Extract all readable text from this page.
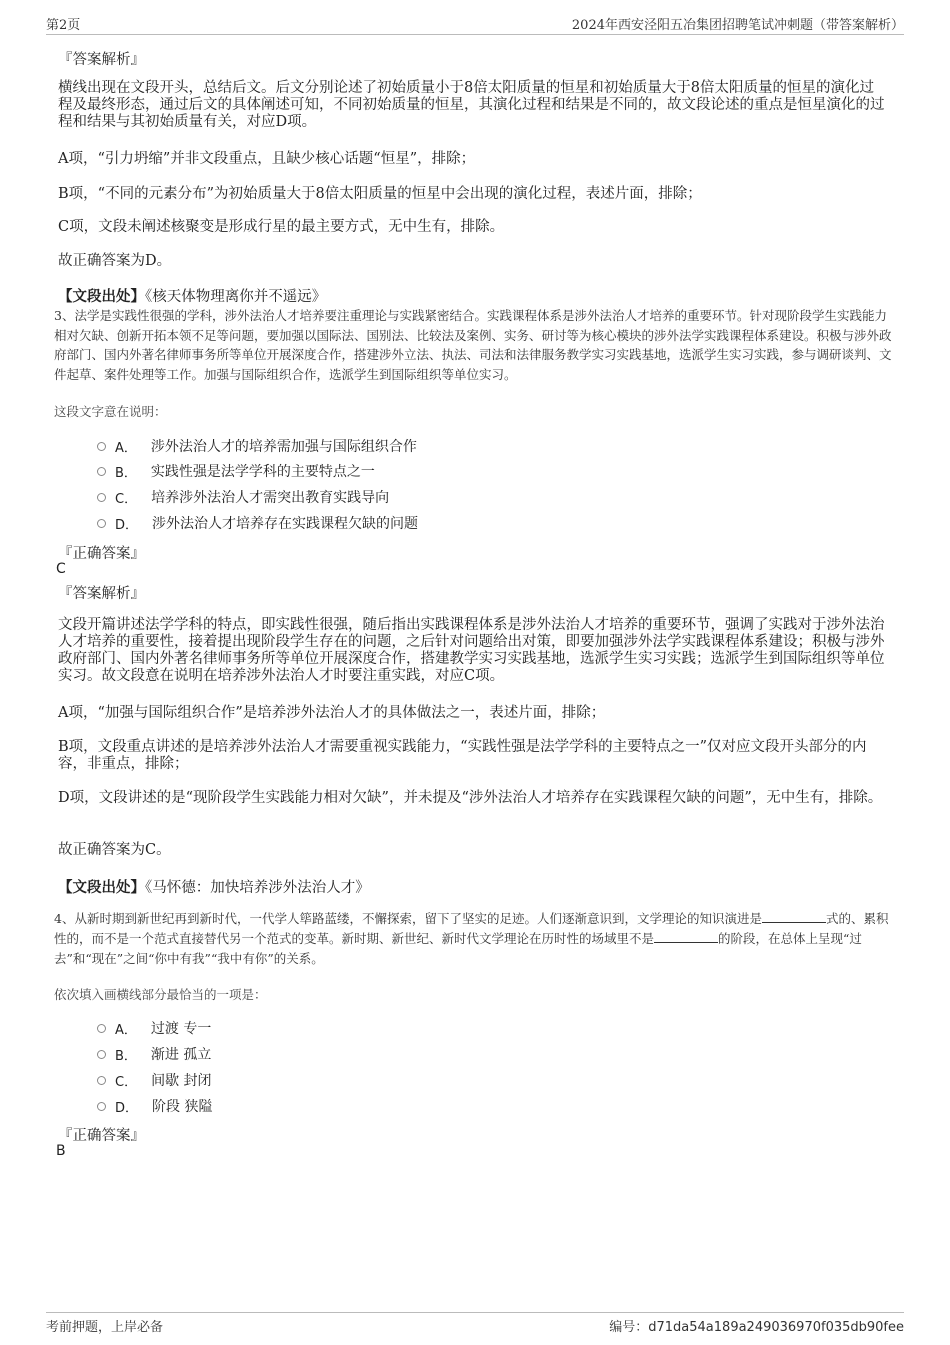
第2页	2024年西安泾阳五冶集团招聘笔试冲刺题（带答案解析）
『答案解析』

横线出现在文段开头，总结后文。后文分别论述了初始质量小于8倍太阳质量的恒星和初始质量大于8倍太阳质量的恒星的演化过程及最终形态，通过后文的具体阐述可知，不同初始质量的恒星，其演化过程和结果是不同的，故文段论述的重点是恒星演化的过程和结果与其初始质量有关，对应D项。

A项，“引力坍缩”并非文段重点，且缺少核心话题“恒星”，排除；

B项，“不同的元素分布”为初始质量大于8倍太阳质量的恒星中会出现的演化过程，表述片面，排除；

C项，文段未阐述核聚变是形成行星的最主要方式，无中生有，排除。

故正确答案为D。

【文段出处】《核天体物理离你并不遥远》

3、法学是实践性很强的学科，涉外法治人才培养要注重理论与实践紧密结合。实践课程体系是涉外法治人才培养的重要环节。针对现阶段学生实践能力相对欠缺、创新开拓本领不足等问题，要加强以国际法、国别法、比较法及案例、实务、研讨等为核心模块的涉外法学实践课程体系建设。积极与涉外政府部门、国内外著名律师事务所等单位开展深度合作，搭建涉外立法、执法、司法和法律服务教学实习实践基地，选派学生实习实践，参与调研谈判、文件起草、案件处理等工作。加强与国际组织合作，选派学生到国际组织等单位实习。

这段文字意在说明：
A． 涉外法治人才的培养需加强与国际组织合作
B． 实践性强是法学学科的主要特点之一
C． 培养涉外法治人才需突出教育实践导向
D． 涉外法治人才培养存在实践课程欠缺的问题
『正确答案』
C
『答案解析』

文段开篇讲述法学学科的特点，即实践性很强，随后指出实践课程体系是涉外法治人才培养的重要环节，强调了实践对于涉外法治人才培养的重要性，接着提出现阶段学生存在的问题，之后针对问题给出对策，即要加强涉外法学实践课程体系建设；积极与涉外政府部门、国内外著名律师事务所等单位开展深度合作，搭建教学实习实践基地，选派学生实习实践；选派学生到国际组织等单位实习。故文段意在说明在培养涉外法治人才时要注重实践，对应C项。

A项，“加强与国际组织合作”是培养涉外法治人才的具体做法之一，表述片面，排除；

B项，文段重点讲述的是培养涉外法治人才需要重视实践能力，“实践性强是法学学科的主要特点之一”仅对应文段开头部分的内容，非重点，排除；

D项，文段讲述的是“现阶段学生实践能力相对欠缺”，并未提及“涉外法治人才培养存在实践课程欠缺的问题”，无中生有，排除。

故正确答案为C。

【文段出处】《马怀德：加快培养涉外法治人才》

4、从新时期到新世纪再到新时代，一代学人筚路蓝缕，不懈探索，留下了坚实的足迹。人们逐渐意识到，文学理论的知识演进是	式的、累积性的，而不是一个范式直接替代另一个范式的变革。新时期、新世纪、新时代文学理论在历时性的场域里不是	的阶段，在总体上呈现“过去”和“现在”之间“你中有我”“我中有你”的关系。

依次填入画横线部分最恰当的一项是：
A． 过渡 专一
B． 渐进 孤立
C． 间歇 封闭
D． 阶段 狭隘
『正确答案』
B
考前押题，上岸必备	编号：d71da54a189a249036970f035db90fee
